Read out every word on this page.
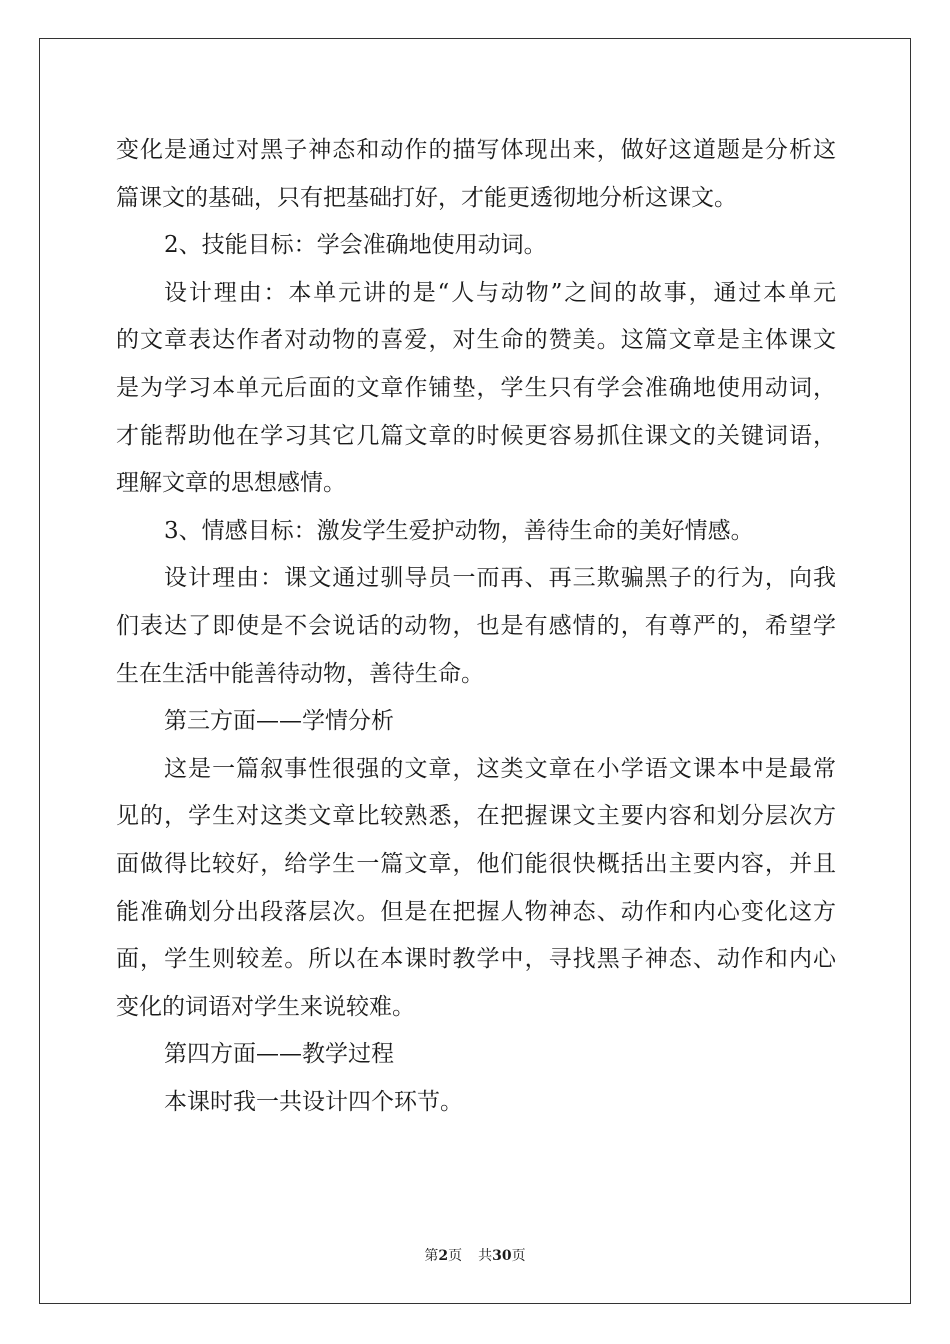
变化是通过对黑子神态和动作的描写体现出来，做好这道题是分析这
篇课文的基础，只有把基础打好，才能更透彻地分析这课文。
2、技能目标：学会准确地使用动词。
设计理由：本单元讲的是“人与动物”之间的故事，通过本单元
的文章表达作者对动物的喜爱，对生命的赞美。这篇文章是主体课文
是为学习本单元后面的文章作铺垫，学生只有学会准确地使用动词，
才能帮助他在学习其它几篇文章的时候更容易抓住课文的关键词语，
理解文章的思想感情。
3、情感目标：激发学生爱护动物，善待生命的美好情感。
设计理由：课文通过驯导员一而再、再三欺骗黑子的行为，向我
们表达了即使是不会说话的动物，也是有感情的，有尊严的，希望学
生在生活中能善待动物，善待生命。
第三方面——学情分析
这是一篇叙事性很强的文章，这类文章在小学语文课本中是最常
见的，学生对这类文章比较熟悉，在把握课文主要内容和划分层次方
面做得比较好，给学生一篇文章，他们能很快概括出主要内容，并且
能准确划分出段落层次。但是在把握人物神态、动作和内心变化这方
面，学生则较差。所以在本课时教学中，寻找黑子神态、动作和内心
变化的词语对学生来说较难。
第四方面——教学过程
本课时我一共设计四个环节。
第2页 共30页
